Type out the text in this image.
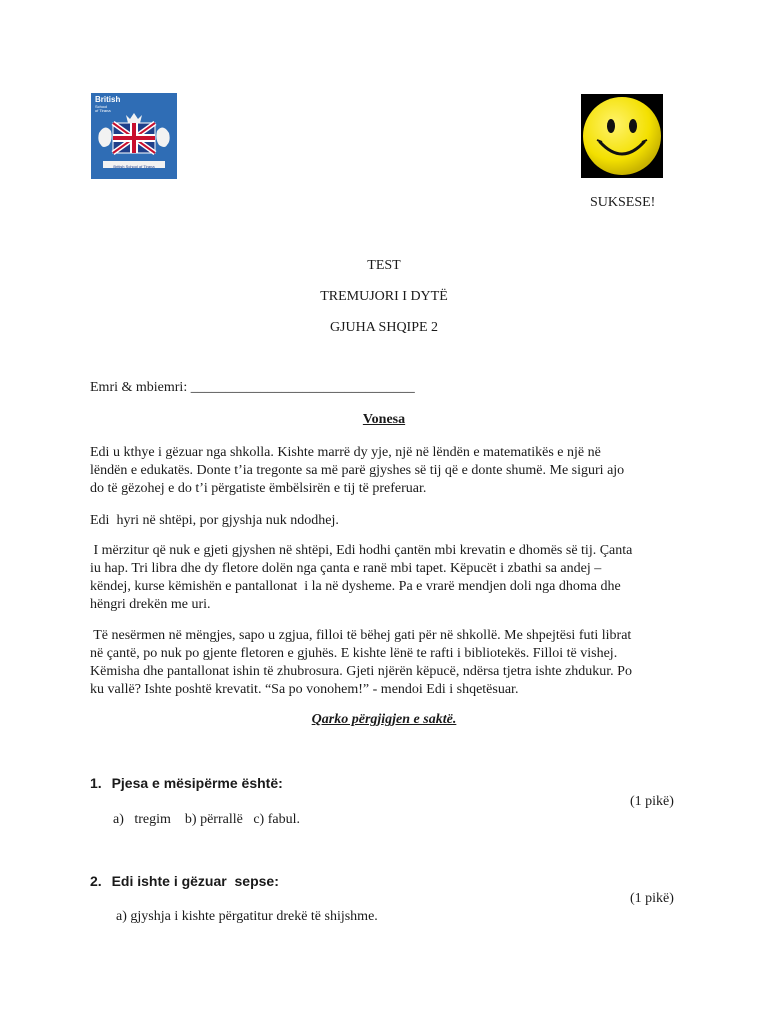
British
School
of Tirana
British School of Tirana
SUKSESE!
TEST
TREMUJORI I DYTË
GJUHA SHQIPE 2
Emri & mbiemri: ________________________________
Vonesa
Edi u kthye i gëzuar nga shkolla. Kishte marrë dy yje, një në lëndën e matematikës e një në
lëndën e edukatës. Donte t’ia tregonte sa më parë gjyshes së tij që e donte shumë. Me siguri ajo
do të gëzohej e do t’i përgatiste ëmbëlsirën e tij të preferuar.
Edi  hyri në shtëpi, por gjyshja nuk ndodhej.
I mërzitur që nuk e gjeti gjyshen në shtëpi, Edi hodhi çantën mbi krevatin e dhomës së tij. Çanta
iu hap. Tri libra dhe dy fletore dolën nga çanta e ranë mbi tapet. Këpucët i zbathi sa andej –
këndej, kurse këmishën e pantallonat  i la në dysheme. Pa e vrarë mendjen doli nga dhoma dhe
hëngri drekën me uri.
Të nesërmen në mëngjes, sapo u zgjua, filloi të bëhej gati për në shkollë. Me shpejtësi futi librat
në çantë, po nuk po gjente fletoren e gjuhës. E kishte lënë te rafti i bibliotekës. Filloi të vishej.
Këmisha dhe pantallonat ishin të zhubrosura. Gjeti njërën këpucë, ndërsa tjetra ishte zhdukur. Po
ku vallë? Ishte poshtë krevatit. “Sa po vonohem!” - mendoi Edi i shqetësuar.
Qarko përgjigjen e saktë.
1. Pjesa e mësipërme është:
(1 pikë)
a)   tregim    b) përrallë   c) fabul.
2. Edi ishte i gëzuar  sepse:
(1 pikë)
a) gjyshja i kishte përgatitur drekë të shijshme.
